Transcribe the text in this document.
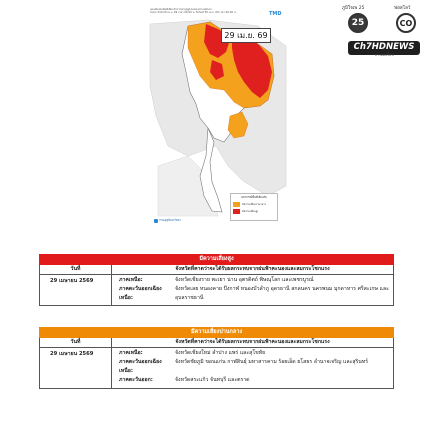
แผนที่แสดงพื้นที่เสี่ยงภัยจากพายุฤดูร้อนของประเทศไทย
ในช่วงวันที่ 29 เม.ย. 69 เวลา 06.00 น. ถึงวันที่ 30 เม.ย. 69 เวลา 06.00 น.	TMD
29 เม.ย. 69
พยากรณ์พื้นที่เสี่ยงภัย
มีความเสี่ยงปานกลาง
มีความเสี่ยงสูง
กรมอุตุนิยมวิทยา
ภูมิใจเพ 25	ฟอลโลว์
25	CO
Ch7HDNEWS
ข่าวออนไลน์
มีความเสี่ยงสูง
วันที่	จังหวัดที่คาดว่าจะได้รับผลกระทบจากฝนฟ้าคะนองและลมกระโชกแรง
29 เมษายน 2569	ภาคเหนือ:	จังหวัดเชียงราย พะเยา น่าน อุตรดิตถ์ พิษณุโลก และเพชรบูรณ์
ภาคตะวันออกเฉียงเหนือ:
จังหวัดเลย หนองคาย บึงกาฬ หนองบัวลำภู อุดรธานี สกลนคร นครพนม มุกดาหาร ศรีสะเกษ และอุบลราชธานี
มีความเสี่ยงปานกลาง
วันที่	จังหวัดที่คาดว่าจะได้รับผลกระทบจากฝนฟ้าคะนองและลมกระโชกแรง
29 เมษายน 2569	ภาคเหนือ:	จังหวัดเชียงใหม่ ลำปาง แพร่ และสุโขทัย
ภาคตะวันออกเฉียงเหนือ:
จังหวัดชัยภูมิ ขอนแก่น กาฬสินธุ์ มหาสารคาม ร้อยเอ็ด ยโสธร อำนาจเจริญ และสุรินทร์
ภาคตะวันออก:	จังหวัดสระแก้ว จันทบุรี และตราด
